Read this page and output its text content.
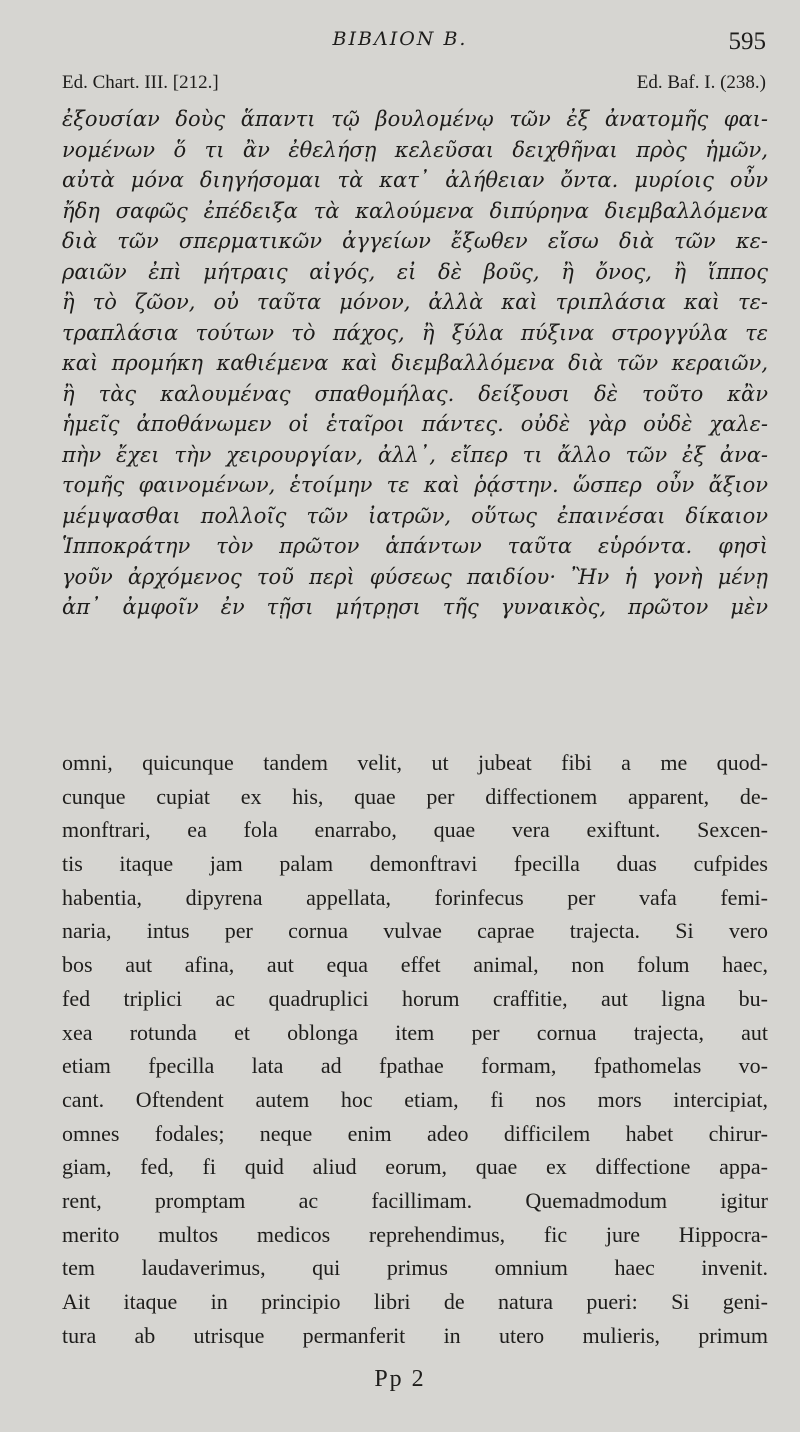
ΒΙΒΛΙΟΝ Β.	595
Ed. Chart. III. [212.]	Ed. Baf. I. (238.)
ἐξουσίαν δοὺς ἅπαντι τῷ βουλομένῳ τῶν ἐξ ἀνατομῆς φαι-
νομένων ὅ τι ἂν ἐθελήσῃ κελεῦσαι δειχθῆναι πρὸς ἡμῶν,
αὐτὰ μόνα διηγήσομαι τὰ κατ᾽ ἀλήθειαν ὄντα. μυρίοις οὖν
ἤδη σαφῶς ἐπέδειξα τὰ καλούμενα διπύρηνα διεμβαλλόμενα
διὰ τῶν σπερματικῶν ἀγγείων ἔξωθεν εἴσω διὰ τῶν κε-
ραιῶν ἐπὶ μήτραις αἰγός, εἰ δὲ βοῦς, ἢ ὄνος, ἢ ἵππος
ἢ τὸ ζῶον, οὐ ταῦτα μόνον, ἀλλὰ καὶ τριπλάσια καὶ τε-
τραπλάσια τούτων τὸ πάχος, ἢ ξύλα πύξινα στρογγύλα τε
καὶ προμήκη καθιέμενα καὶ διεμβαλλόμενα διὰ τῶν κεραιῶν,
ἢ τὰς καλουμένας σπαθομήλας. δείξουσι δὲ τοῦτο κἂν
ἡμεῖς ἀποθάνωμεν οἱ ἑταῖροι πάντες. οὐδὲ γὰρ οὐδὲ χαλε-
πὴν ἔχει τὴν χειρουργίαν, ἀλλ᾽, εἴπερ τι ἄλλο τῶν ἐξ ἀνα-
τομῆς φαινομένων, ἑτοίμην τε καὶ ῥᾴστην. ὥσπερ οὖν ἄξιον
μέμψασθαι πολλοῖς τῶν ἰατρῶν, οὕτως ἐπαινέσαι δίκαιον
Ἱπποκράτην τὸν πρῶτον ἁπάντων ταῦτα εὑρόντα. φησὶ
γοῦν ἀρχόμενος τοῦ περὶ φύσεως παιδίου· Ἢν ἡ γονὴ μένῃ
ἀπ᾽ ἀμφοῖν ἐν τῇσι μήτρῃσι τῆς γυναικὸς, πρῶτον μὲν
omni, quicunque tandem velit, ut jubeat fibi a me quod-
cunque cupiat ex his, quae per diffectionem apparent, de-
monftrari, ea fola enarrabo, quae vera exiftunt. Sexcen-
tis itaque jam palam demonftravi fpecilla duas cufpides
habentia, dipyrena appellata, forinfecus per vafa femi-
naria, intus per cornua vulvae caprae trajecta. Si vero
bos aut afina, aut equa effet animal, non folum haec,
fed triplici ac quadruplici horum craffitie, aut ligna bu-
xea rotunda et oblonga item per cornua trajecta, aut
etiam fpecilla lata ad fpathae formam, fpathomelas vo-
cant. Oftendent autem hoc etiam, fi nos mors intercipiat,
omnes fodales; neque enim adeo difficilem habet chirur-
giam, fed, fi quid aliud eorum, quae ex diffectione appa-
rent, promptam ac facillimam. Quemadmodum igitur
merito multos medicos reprehendimus, fic jure Hippocra-
tem laudaverimus, qui primus omnium haec invenit.
Ait itaque in principio libri de natura pueri: Si geni-
tura ab utrisque permanferit in utero mulieris, primum
Pp 2
